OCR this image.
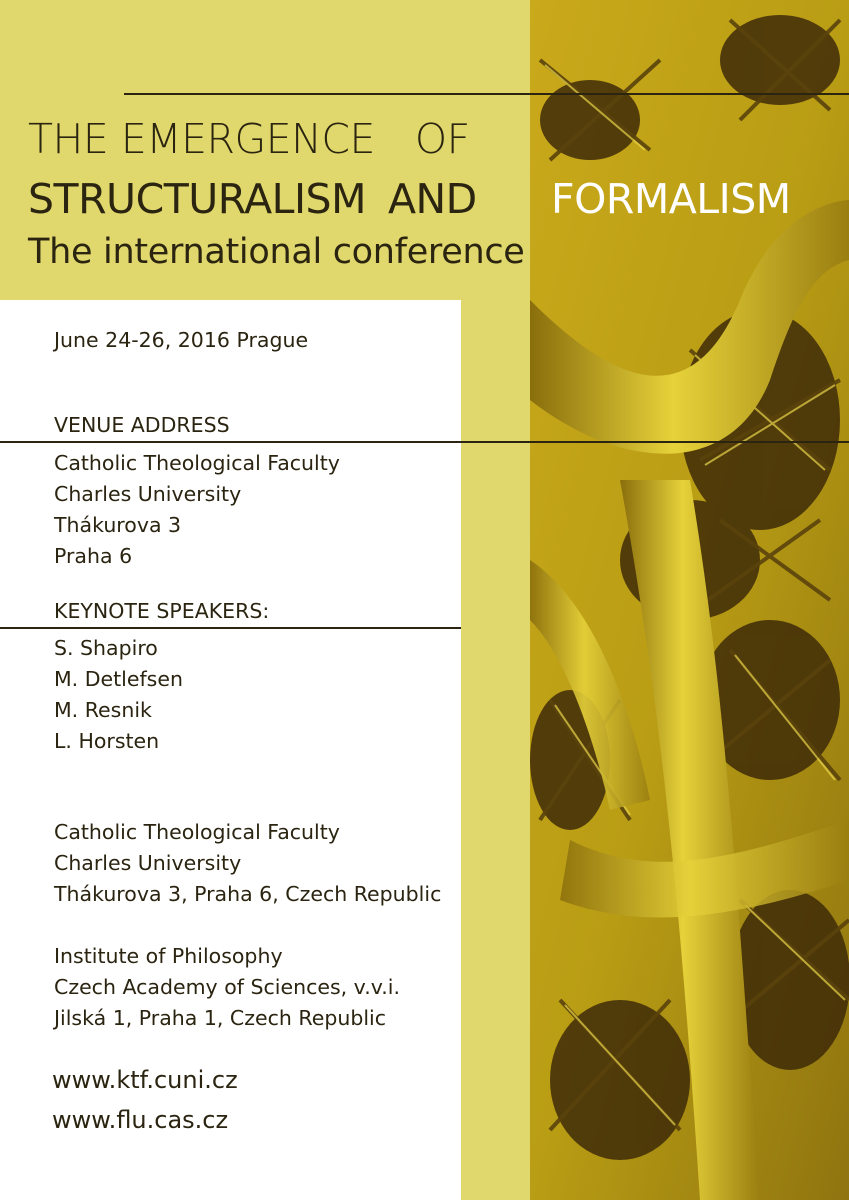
THE EMERGENCE OF
STRUCTURALISM AND FORMALISM
The international conference
June 24-26, 2016 Prague
VENUE ADDRESS
Catholic Theological Faculty
Charles University
Thákurova 3
Praha 6
KEYNOTE SPEAKERS:
S. Shapiro
M. Detlefsen
M. Resnik
L. Horsten
Catholic Theological Faculty
Charles University
Thákurova 3, Praha 6, Czech Republic
Institute of Philosophy
Czech Academy of Sciences, v.v.i.
Jilská 1, Praha 1, Czech Republic
www.ktf.cuni.cz
www.flu.cas.cz
